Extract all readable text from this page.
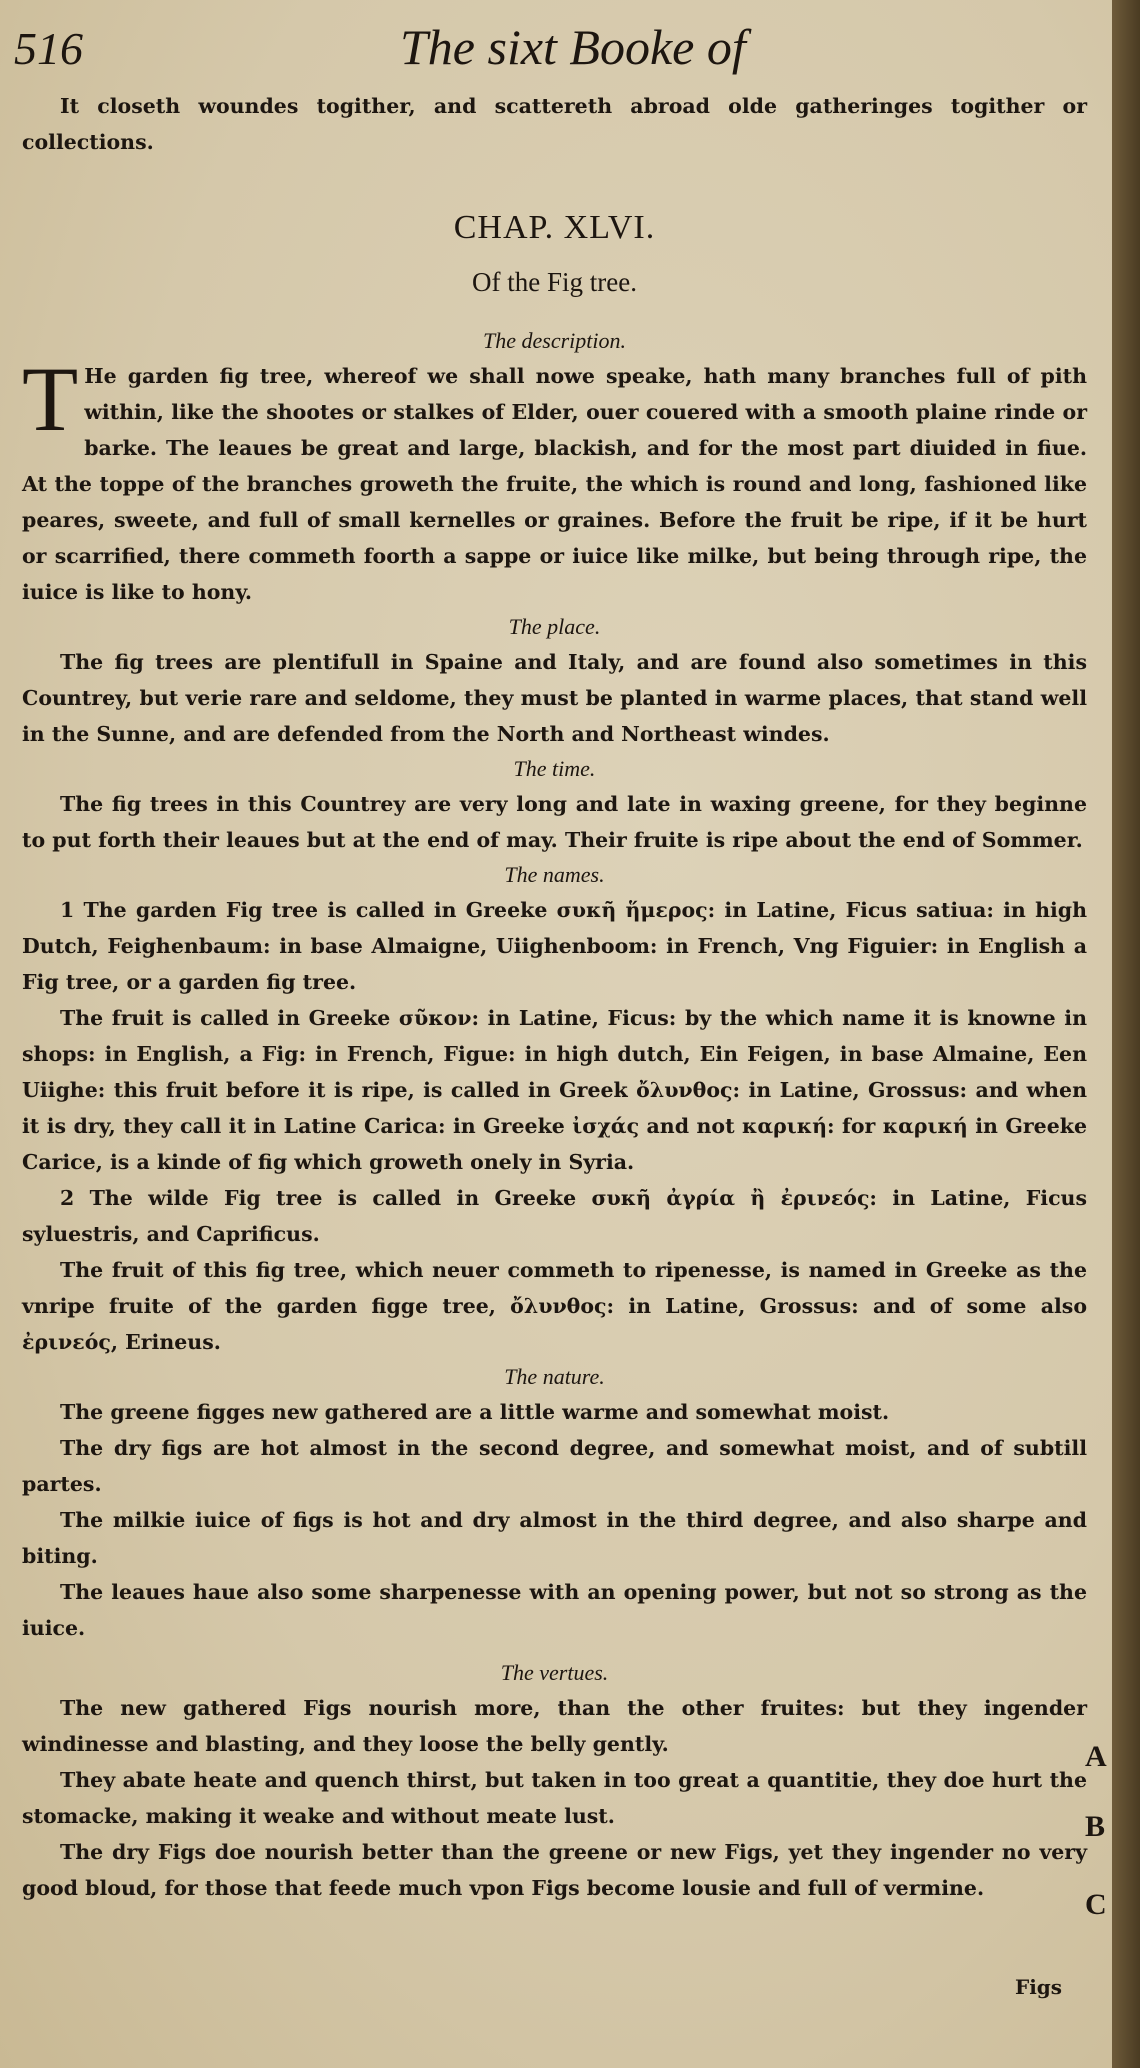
516	The sixt Booke of

It closeth woundes togither, and scattereth abroad olde gatheringes togither or collections.

CHAP. XLVI.
Of the Fig tree.
The description.
T He garden fig tree, whereof we shall nowe speake, hath many branches full of pith within, like the shootes or stalkes of Elder, ouer couered with a smooth plaine rinde or barke. The leaues be great and large, blackish, and for the most part diuided in fiue. At the toppe of the branches groweth the fruite, the which is round and long, fashioned like peares, sweete, and full of small kernelles or graines. Before the fruit be ripe, if it be hurt or scarrified, there commeth foorth a sappe or iuice like milke, but being through ripe, the iuice is like to hony.

The place.

The fig trees are plentifull in Spaine and Italy, and are found also sometimes in this Countrey, but verie rare and seldome, they must be planted in warme places, that stand well in the Sunne, and are defended from the North and Northeast windes.

The time.

The fig trees in this Countrey are very long and late in waxing greene, for they beginne to put forth their leaues but at the end of may. Their fruite is ripe about the end of Sommer.

The names.

1 The garden Fig tree is called in Greeke συκῆ ἥμερος: in Latine, Ficus satiua: in high Dutch, Feighenbaum: in base Almaigne, Uiighenboom: in French, Vng Figuier: in English a Fig tree, or a garden fig tree.

The fruit is called in Greeke σῦκον: in Latine, Ficus: by the which name it is knowne in shops: in English, a Fig: in French, Figue: in high dutch, Ein Feigen, in base Almaine, Een Uiighe: this fruit before it is ripe, is called in Greek ὄλυνθος: in Latine, Grossus: and when it is dry, they call it in Latine Carica: in Greeke ἰσχάς and not καρική: for καρική in Greeke Carice, is a kinde of fig which groweth onely in Syria.

2 The wilde Fig tree is called in Greeke συκῆ ἀγρία ἢ ἐρινεός: in Latine, Ficus syluestris, and Caprificus.

The fruit of this fig tree, which neuer commeth to ripenesse, is named in Greeke as the vnripe fruite of the garden figge tree, ὄλυνθος: in Latine, Grossus: and of some also ἐρινεός, Erineus.

The nature.

The greene figges new gathered are a little warme and somewhat moist.

The dry figs are hot almost in the second degree, and somewhat moist, and of subtill partes.

The milkie iuice of figs is hot and dry almost in the third degree, and also sharpe and biting.

The leaues haue also some sharpenesse with an opening power, but not so strong as the iuice.

The vertues.

The new gathered Figs nourish more, than the other fruites: but they ingender windinesse and blasting, and they loose the belly gently.

They abate heate and quench thirst, but taken in too great a quantitie, they doe hurt the stomacke, making it weake and without meate lust.

The dry Figs doe nourish better than the greene or new Figs, yet they ingender no very good bloud, for those that feede much vpon Figs become lousie and full of vermine.

A
B
C
Figs
